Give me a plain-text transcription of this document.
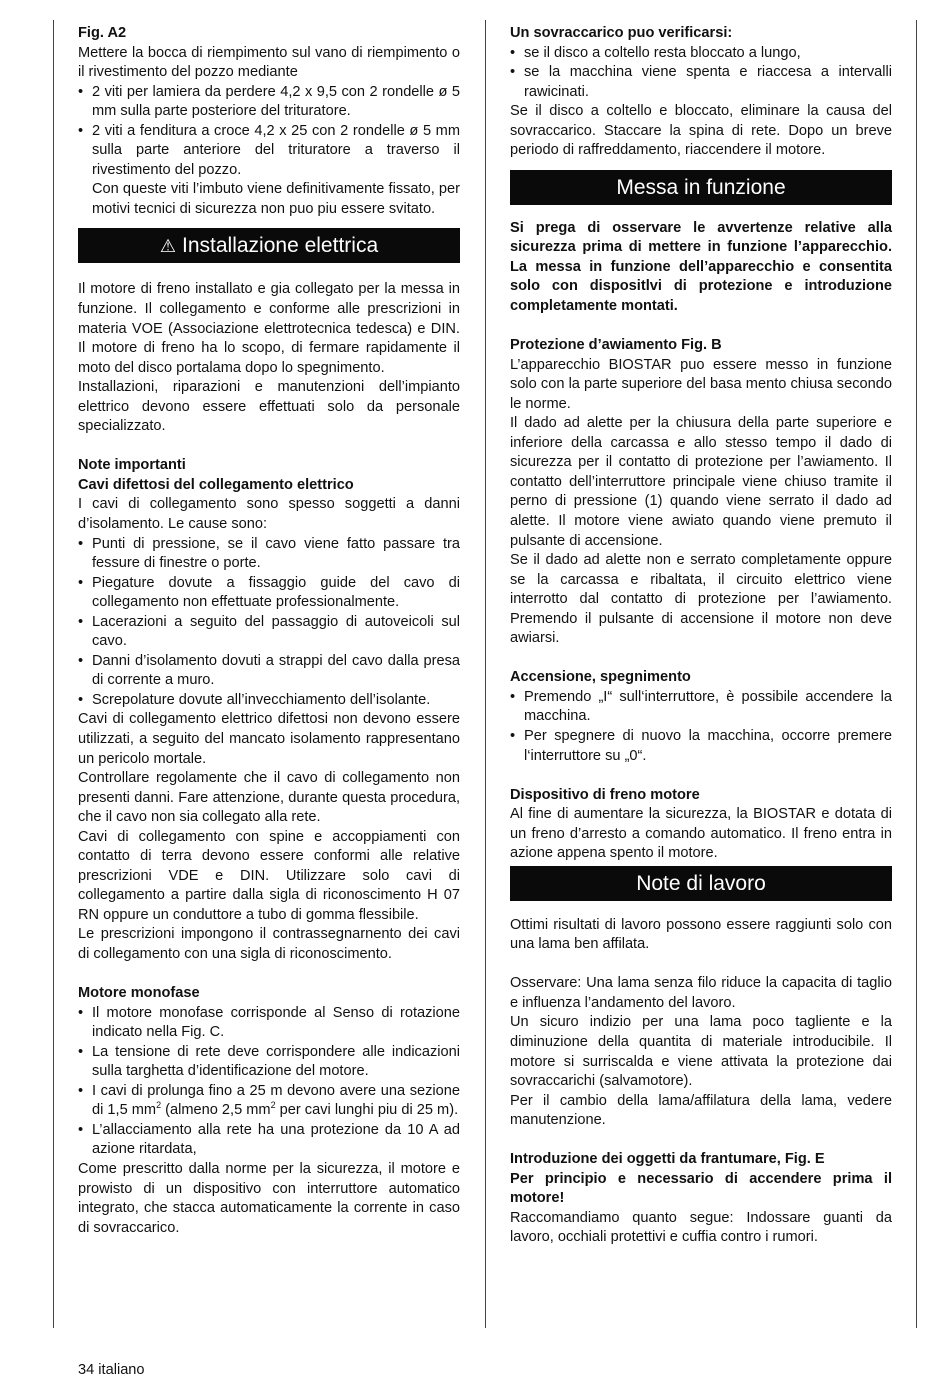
Fig. A2

Mettere la bocca di riempimento sul vano di riempimento o il rivestimento del pozzo mediante

• 2 viti per lamiera da perdere 4,2 x 9,5 con 2 rondelle ø 5 mm sulla parte posteriore del trituratore.
• 2 viti a fenditura a croce 4,2 x 25 con 2 rondelle ø 5 mm sulla parte anteriore del trituratore a traverso il rivestimento del pozzo.

Con queste viti l’imbuto viene definitivamente fissato, per motivi tecnici di sicurezza non puo piu essere svitato.

⚠ Installazione elettrica

Il motore di freno installato e gia collegato per la messa in funzione. Il collegamento e conforme alle prescrizioni in materia VOE (Associazione elettrotecnica tedesca) e DIN. Il motore di freno ha lo scopo, di fermare rapidamente il moto del disco portalama dopo lo spegnimento.

Installazioni, riparazioni e manutenzioni dell’impianto elettrico devono essere effettuati solo da personale specializzato.

Note importanti

Cavi difettosi del collegamento elettrico

I cavi di collegamento sono spesso soggetti a danni d’isolamento. Le cause sono:

• Punti di pressione, se il cavo viene fatto passare tra fessure di finestre o porte.
• Piegature dovute a fissaggio guide del cavo di collegamento non effettuate professionalmente.
• Lacerazioni a seguito del passaggio di autoveicoli sul cavo.
• Danni d’isolamento dovuti a strappi del cavo dalla presa di corrente a muro.
• Screpolature dovute all’invecchiamento dell’isolante.

Cavi di collegamento elettrico difettosi non devono essere utilizzati, a seguito del mancato isolamento rappresentano un pericolo mortale.

Controllare regolamente che il cavo di collegamento non presenti danni. Fare attenzione, durante questa procedura, che il cavo non sia collegato alla rete.

Cavi di collegamento con spine e accoppiamenti con contatto di terra devono essere conformi alle relative prescrizioni VDE e DIN. Utilizzare solo cavi di collegamento a partire dalla sigla di riconoscimento H 07 RN oppure un conduttore a tubo di gomma flessibile.

Le prescrizioni impongono il contrassegnarnento dei cavi di collegamento con una sigla di riconoscimento.

Motore monofase

• Il motore monofase corrisponde al Senso di rotazione indicato nella Fig. C.
• La tensione di rete deve corrispondere alle indicazioni sulla targhetta d’identificazione del motore.
• I cavi di prolunga fino a 25 m devono avere una sezione di 1,5 $mm^2$ (almeno 2,5 $mm^2$ per cavi lunghi piu di 25 m).
• L’allacciamento alla rete ha una protezione da 10 A ad azione ritardata,

Come prescritto dalla norme per la sicurezza, il motore e prowisto di un dispositivo con interruttore automatico integrato, che stacca automaticamente la corrente in caso di sovraccarico.

Un sovraccarico puo verificarsi:

• se il disco a coltello resta bloccato a lungo,
• se la macchina viene spenta e riaccesa a intervalli rawicinati.

Se il disco a coltello e bloccato, eliminare la causa del sovraccarico. Staccare la spina di rete. Dopo un breve periodo di raffreddamento, riaccendere il motore.

Messa in funzione

Si prega di osservare le avvertenze relative alla sicurezza prima di mettere in funzione l’apparecchio. La messa in funzione dell’apparecchio e consentita solo con dispositlvi di protezione e introduzione completamente montati.

Protezione d’awiamento Fig. B

L’apparecchio BIOSTAR puo essere messo in funzione solo con la parte superiore del basa mento chiusa secondo le norme.

Il dado ad alette per la chiusura della parte superiore e inferiore della carcassa e allo stesso tempo il dado di sicurezza per il contatto di protezione per l’awiamento. Il contatto dell’interruttore principale viene chiuso tramite il perno di pressione (1) quando viene serrato il dado ad alette. Il motore viene awiato quando viene premuto il pulsante di accensione.

Se il dado ad alette non e serrato completamente oppure se la carcassa e ribaltata, il circuito elettrico viene interrotto dal contatto di protezione per l’awiamento. Premendo il pulsante di accensione il motore non deve awiarsi.

Accensione, spegnimento

• Premendo „I“ sull‘interruttore, è possibile accendere la macchina.
• Per spegnere di nuovo la macchina, occorre premere l‘interruttore su „0“.

Dispositivo di freno motore

Al fine di aumentare la sicurezza, la BIOSTAR e dotata di un freno d’arresto a comando automatico. Il freno entra in azione appena spento il motore.

Note di lavoro

Ottimi risultati di lavoro possono essere raggiunti solo con una lama ben affilata.

Osservare: Una lama senza filo riduce la capacita di taglio e influenza l’andamento del lavoro.

Un sicuro indizio per una lama poco tagliente e la diminuzione della quantita di materiale introducibile. Il motore si surriscalda e viene attivata la protezione dai sovraccarichi (salvamotore).

Per il cambio della lama/affilatura della lama, vedere manutenzione.

Introduzione dei oggetti da frantumare, Fig. E

Per principio e necessario di accendere prima il motore!

Raccomandiamo quanto segue: Indossare guanti da lavoro, occhiali protettivi e cuffia contro i rumori.

34 italiano
